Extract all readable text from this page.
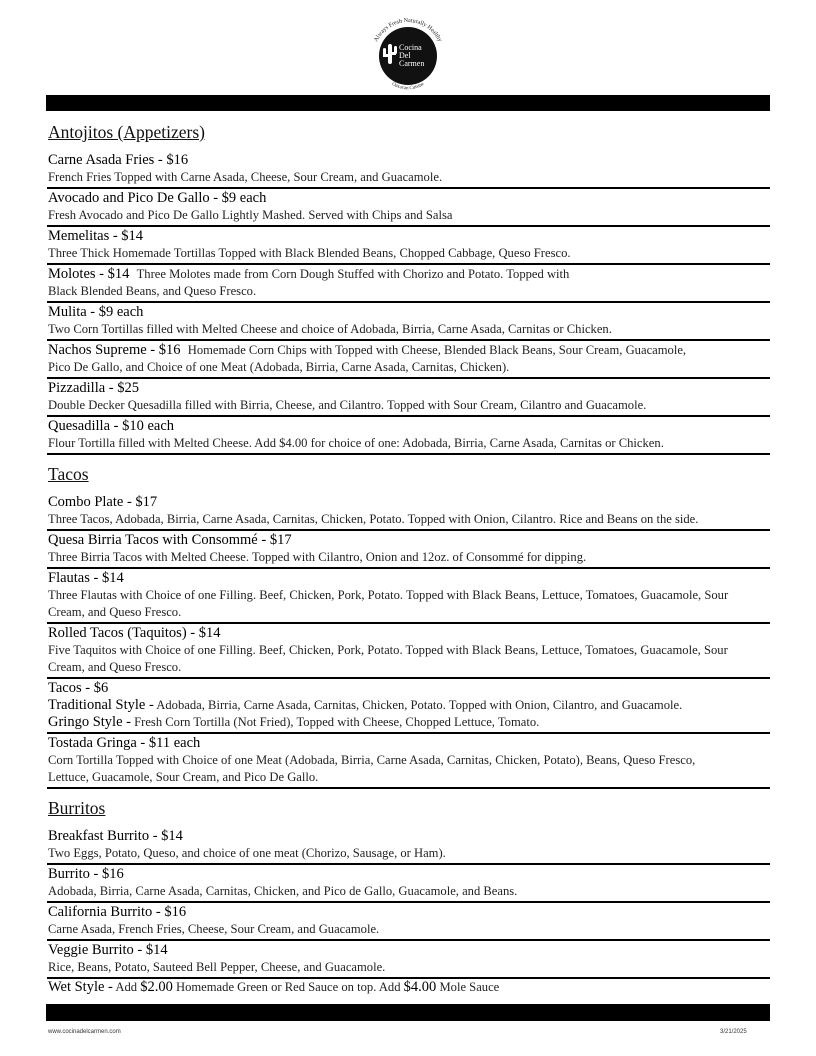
Always Fresh Naturally Healthy
Oaxacan Cuisine
Cocina
Del
Carmen
Antojitos (Appetizers)
Carne Asada Fries - $16
French Fries Topped with Carne Asada, Cheese, Sour Cream, and Guacamole.
Avocado and Pico De Gallo - $9 each
Fresh Avocado and Pico De Gallo Lightly Mashed. Served with Chips and Salsa
Memelitas - $14
Three Thick Homemade Tortillas Topped with Black Blended Beans, Chopped Cabbage, Queso Fresco.
Molotes - $14 Three Molotes made from Corn Dough Stuffed with Chorizo and Potato. Topped with
Black Blended Beans, and Queso Fresco.
Mulita - $9 each
Two Corn Tortillas filled with Melted Cheese and choice of Adobada, Birria, Carne Asada, Carnitas or Chicken.
Nachos Supreme - $16 Homemade Corn Chips with Topped with Cheese, Blended Black Beans, Sour Cream, Guacamole,
Pico De Gallo, and Choice of one Meat (Adobada, Birria, Carne Asada, Carnitas, Chicken).
Pizzadilla - $25
Double Decker Quesadilla filled with Birria, Cheese, and Cilantro. Topped with Sour Cream, Cilantro and Guacamole.
Quesadilla - $10 each
Flour Tortilla filled with Melted Cheese. Add $4.00 for choice of one: Adobada, Birria, Carne Asada, Carnitas or Chicken.
Tacos
Combo Plate - $17
Three Tacos, Adobada, Birria, Carne Asada, Carnitas, Chicken, Potato. Topped with Onion, Cilantro. Rice and Beans on the side.
Quesa Birria Tacos with Consommé - $17
Three Birria Tacos with Melted Cheese. Topped with Cilantro, Onion and 12oz. of Consommé for dipping.
Flautas - $14
Three Flautas with Choice of one Filling. Beef, Chicken, Pork, Potato. Topped with Black Beans, Lettuce, Tomatoes, Guacamole, Sour
Cream, and Queso Fresco.
Rolled Tacos (Taquitos) - $14
Five Taquitos with Choice of one Filling. Beef, Chicken, Pork, Potato. Topped with Black Beans, Lettuce, Tomatoes, Guacamole, Sour
Cream, and Queso Fresco.
Tacos - $6
Traditional Style - Adobada, Birria, Carne Asada, Carnitas, Chicken, Potato. Topped with Onion, Cilantro, and Guacamole.
Gringo Style - Fresh Corn Tortilla (Not Fried), Topped with Cheese, Chopped Lettuce, Tomato.
Tostada Gringa - $11 each
Corn Tortilla Topped with Choice of one Meat (Adobada, Birria, Carne Asada, Carnitas, Chicken, Potato), Beans, Queso Fresco,
Lettuce, Guacamole, Sour Cream, and Pico De Gallo.
Burritos
Breakfast Burrito - $14
Two Eggs, Potato, Queso, and choice of one meat (Chorizo, Sausage, or Ham).
Burrito - $16
Adobada, Birria, Carne Asada, Carnitas, Chicken, and Pico de Gallo, Guacamole, and Beans.
California Burrito - $16
Carne Asada, French Fries, Cheese, Sour Cream, and Guacamole.
Veggie Burrito - $14
Rice, Beans, Potato, Sauteed Bell Pepper, Cheese, and Guacamole.
Wet Style - Add $2.00 Homemade Green or Red Sauce on top. Add $4.00 Mole Sauce
www.cocinadelcarmen.com	3/21/2025
